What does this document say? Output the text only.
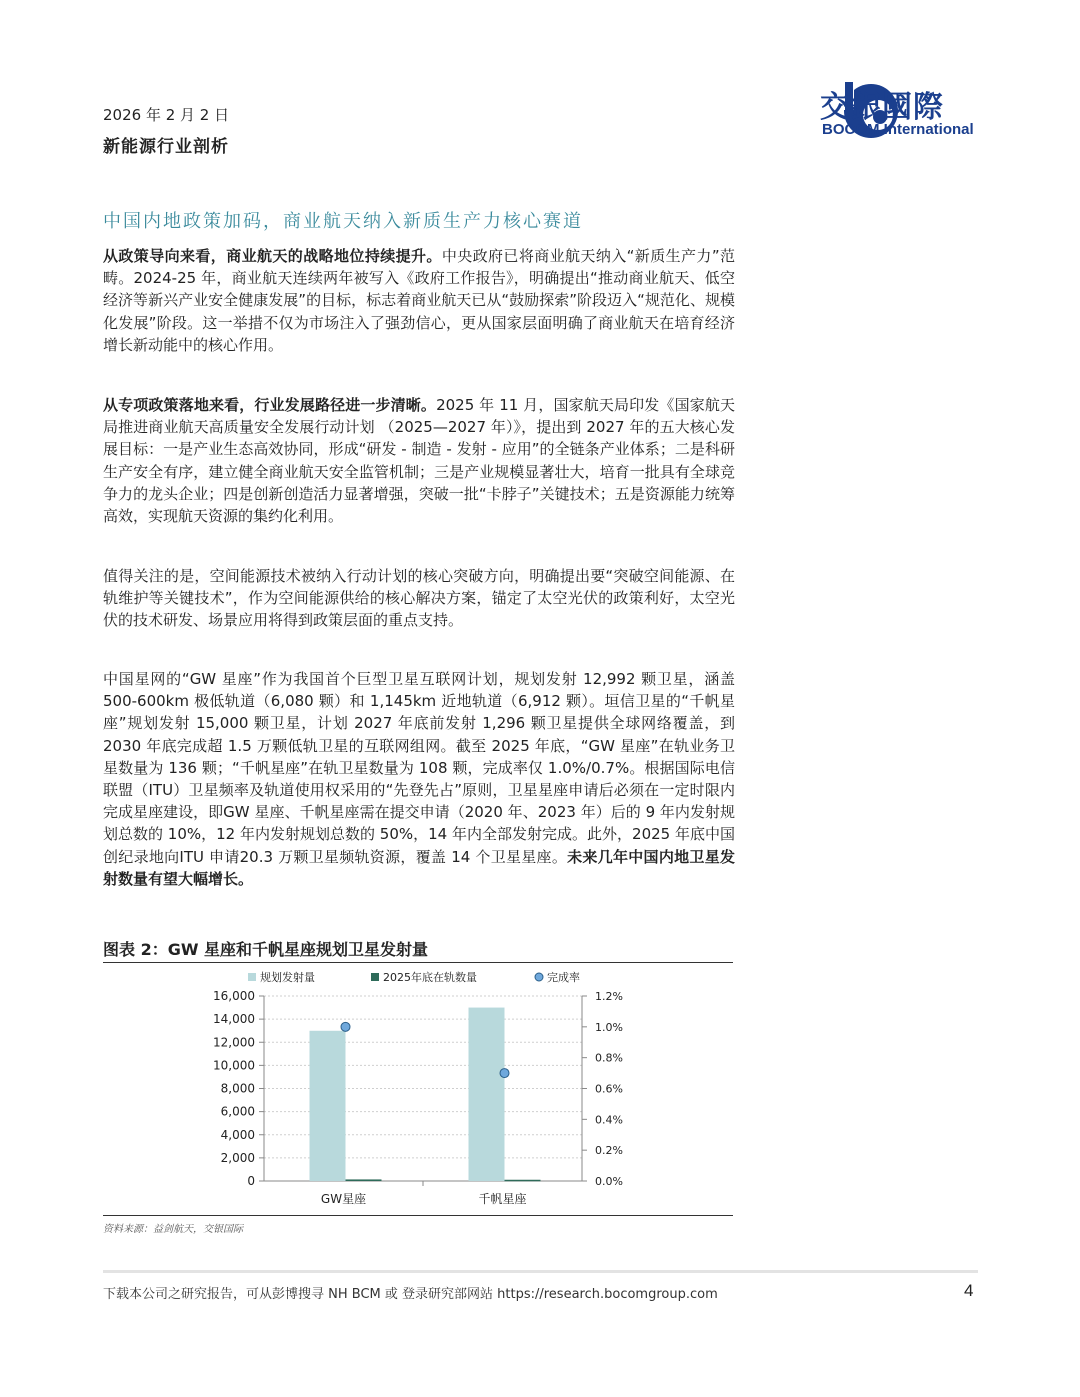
2026 年 2 月 2 日
新能源行业剖析
交銀國際
BOCOM International
中国内地政策加码，商业航天纳入新质生产力核心赛道

从政策导向来看，商业航天的战略地位持续提升。中央政府已将商业航天纳入“新质生产力”范畴。2024-25 年，商业航天连续两年被写入《政府工作报告》，明确提出“推动商业航天、低空经济等新兴产业安全健康发展”的目标，标志着商业航天已从“鼓励探索”阶段迈入“规范化、规模化发展”阶段。这一举措不仅为市场注入了强劲信心，更从国家层面明确了商业航天在培育经济增长新动能中的核心作用。

从专项政策落地来看，行业发展路径进一步清晰。2025 年 11 月，国家航天局印发《国家航天局推进商业航天高质量安全发展行动计划 （2025—2027 年）》，提出到 2027 年的五大核心发展目标：一是产业生态高效协同，形成“研发 - 制造 - 发射 - 应用”的全链条产业体系；二是科研生产安全有序，建立健全商业航天安全监管机制；三是产业规模显著壮大，培育一批具有全球竞争力的龙头企业；四是创新创造活力显著增强，突破一批“卡脖子”关键技术；五是资源能力统筹高效，实现航天资源的集约化利用。

值得关注的是，空间能源技术被纳入行动计划的核心突破方向，明确提出要“突破空间能源、在轨维护等关键技术”，作为空间能源供给的核心解决方案，锚定了太空光伏的政策利好，太空光伏的技术研发、场景应用将得到政策层面的重点支持。

中国星网的“GW 星座”作为我国首个巨型卫星互联网计划，规划发射 12,992 颗卫星，涵盖 500-600km 极低轨道（6,080 颗）和 1,145km 近地轨道（6,912 颗）。垣信卫星的“千帆星座”规划发射 15,000 颗卫星，计划 2027 年底前发射 1,296 颗卫星提供全球网络覆盖，到 2030 年底完成超 1.5 万颗低轨卫星的互联网组网。截至 2025 年底，“GW 星座”在轨业务卫星数量为 136 颗；“千帆星座”在轨卫星数量为 108 颗，完成率仅 1.0%/0.7%。根据国际电信联盟（ITU）卫星频率及轨道使用权采用的“先登先占”原则，卫星星座申请后必须在一定时限内完成星座建设，即GW 星座、千帆星座需在提交申请（2020 年、2023 年）后的 9 年内发射规划总数的 10%，12 年内发射规划总数的 50%，14 年内全部发射完成。此外，2025 年底中国创纪录地向ITU 申请20.3 万颗卫星频轨资源，覆盖 14 个卫星星座。未来几年中国内地卫星发射数量有望大幅增长。

图表 2：GW 星座和千帆星座规划卫星发射量
0
2,000
4,000
6,000
8,000
10,000
12,000
14,000
16,000
0.0%
0.2%
0.4%
0.6%
0.8%
1.0%
1.2%
GW星座	千帆星座
规划发射量	2025年底在轨数量	完成率
资料来源：益剑航天，交银国际
下载本公司之研究报告，可从彭博搜寻 NH BCM 或 登录研究部网站 https://research.bocomgroup.com	4
